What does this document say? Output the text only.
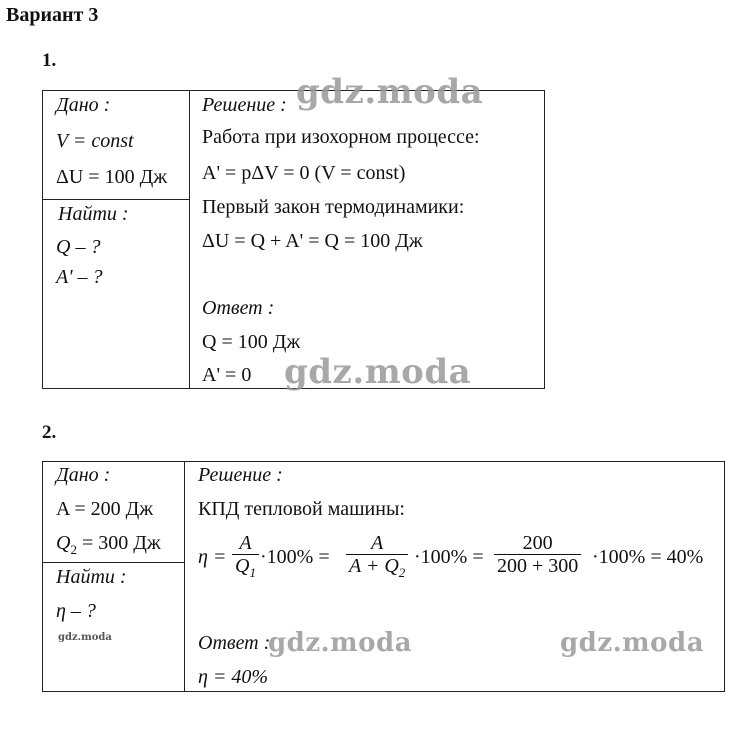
Вариант 3
1.
Дано :
V = const
ΔU = 100 Дж
Найти :
Q – ?
A' – ?
Решение :
Работа при изохорном процессе:
A' = pΔV = 0 (V = const)
Первый закон термодинамики:
ΔU = Q + A' = Q = 100 Дж
Ответ :
Q = 100 Дж
A' = 0
2.
Дано :
A = 200 Дж
$Q_2 = 300$ Дж
Найти :
η – ?
Решение :
КПД тепловой машины:
η =
A
$Q_1$
·100% =
A
$A + Q_2$
·100% =
200
200 + 300 ·100% = 40%
Ответ :
η = 40%
gdz.moda
gdz.moda
gdz.moda	gdz.moda
gdz.moda
